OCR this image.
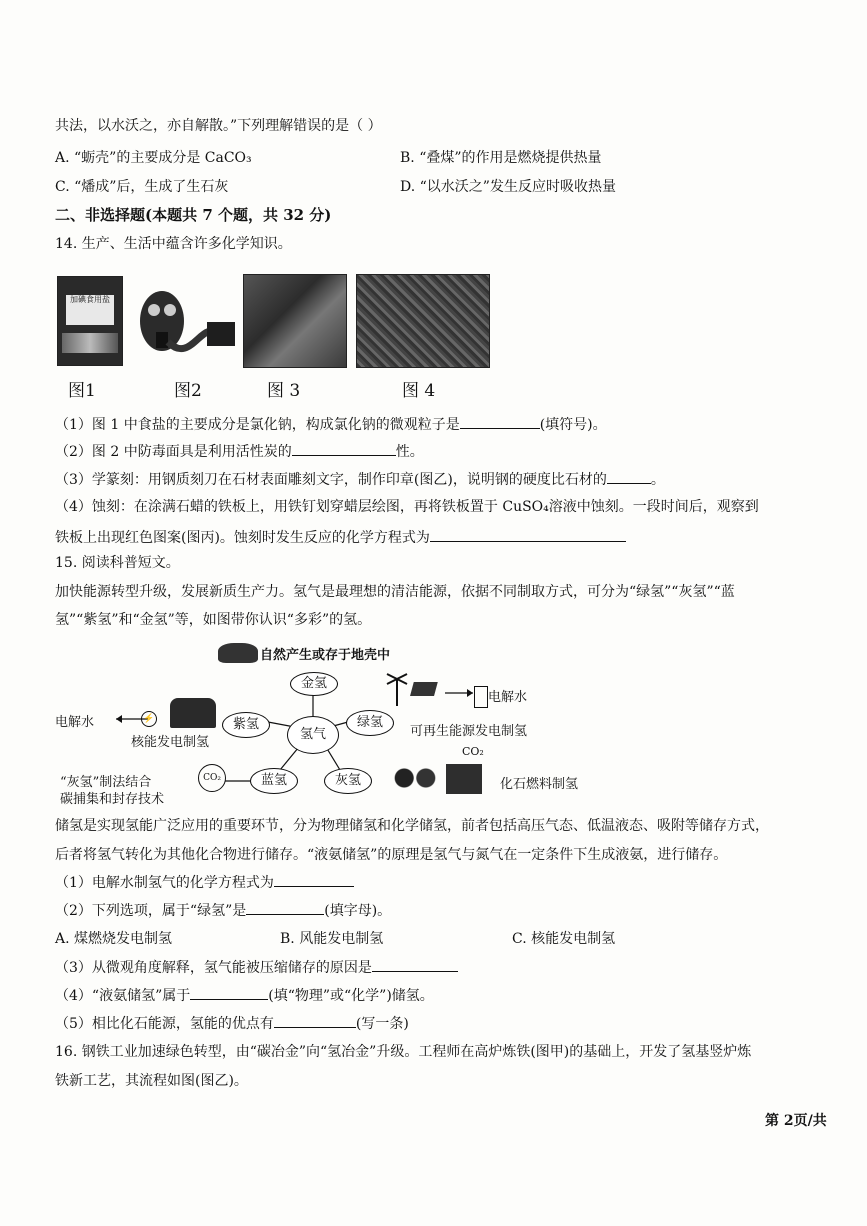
共法，以水沃之，亦自解散。”下列理解错误的是（ ）
A. “蛎壳”的主要成分是 CaCO₃	B. “叠煤”的作用是燃烧提供热量
C. “燔成”后，生成了生石灰	D. “以水沃之”发生反应时吸收热量
二、非选择题(本题共 7 个题，共 32 分)
14. 生产、生活中蕴含许多化学知识。
加碘食用盐
图1	图2	图 3	图 4
（1）图 1 中食盐的主要成分是氯化钠，构成氯化钠的微观粒子是	(填符号)。
（2）图 2 中防毒面具是利用活性炭的	性。
（3）学篆刻：用钢质刻刀在石材表面雕刻文字，制作印章(图乙)，说明钢的硬度比石材的	。
（4）蚀刻：在涂满石蜡的铁板上，用铁钉划穿蜡层绘图，再将铁板置于 CuSO₄溶液中蚀刻。一段时间后，观察到
铁板上出现红色图案(图丙)。蚀刻时发生反应的化学方程式为
15. 阅读科普短文。
加快能源转型升级，发展新质生产力。氢气是最理想的清洁能源，依据不同制取方式，可分为“绿氢”“灰氢”“蓝
氢”“紫氢”和“金氢”等，如图带你认识“多彩”的氢。
自然产生或存于地壳中
金氢
紫氢
氢气
绿氢
蓝氢	灰氢
电解水	⚡
核能发电制氢
电解水
可再生能源发电制氢
“灰氢”制法结合
碳捕集和封存技术
CO₂
CO₂
化石燃料制氢
储氢是实现氢能广泛应用的重要环节，分为物理储氢和化学储氢，前者包括高压气态、低温液态、吸附等储存方式，
后者将氢气转化为其他化合物进行储存。“液氨储氢”的原理是氢气与氮气在一定条件下生成液氨，进行储存。
（1）电解水制氢气的化学方程式为
（2）下列选项，属于“绿氢”是	(填字母)。
A. 煤燃烧发电制氢	B. 风能发电制氢	C. 核能发电制氢
（3）从微观角度解释，氢气能被压缩储存的原因是
（4）“液氨储氢”属于	(填“物理”或“化学”)储氢。
（5）相比化石能源，氢能的优点有	(写一条)
16. 钢铁工业加速绿色转型，由“碳冶金”向“氢冶金”升级。工程师在高炉炼铁(图甲)的基础上，开发了氢基竖炉炼
铁新工艺，其流程如图(图乙)。
第 2页/共
